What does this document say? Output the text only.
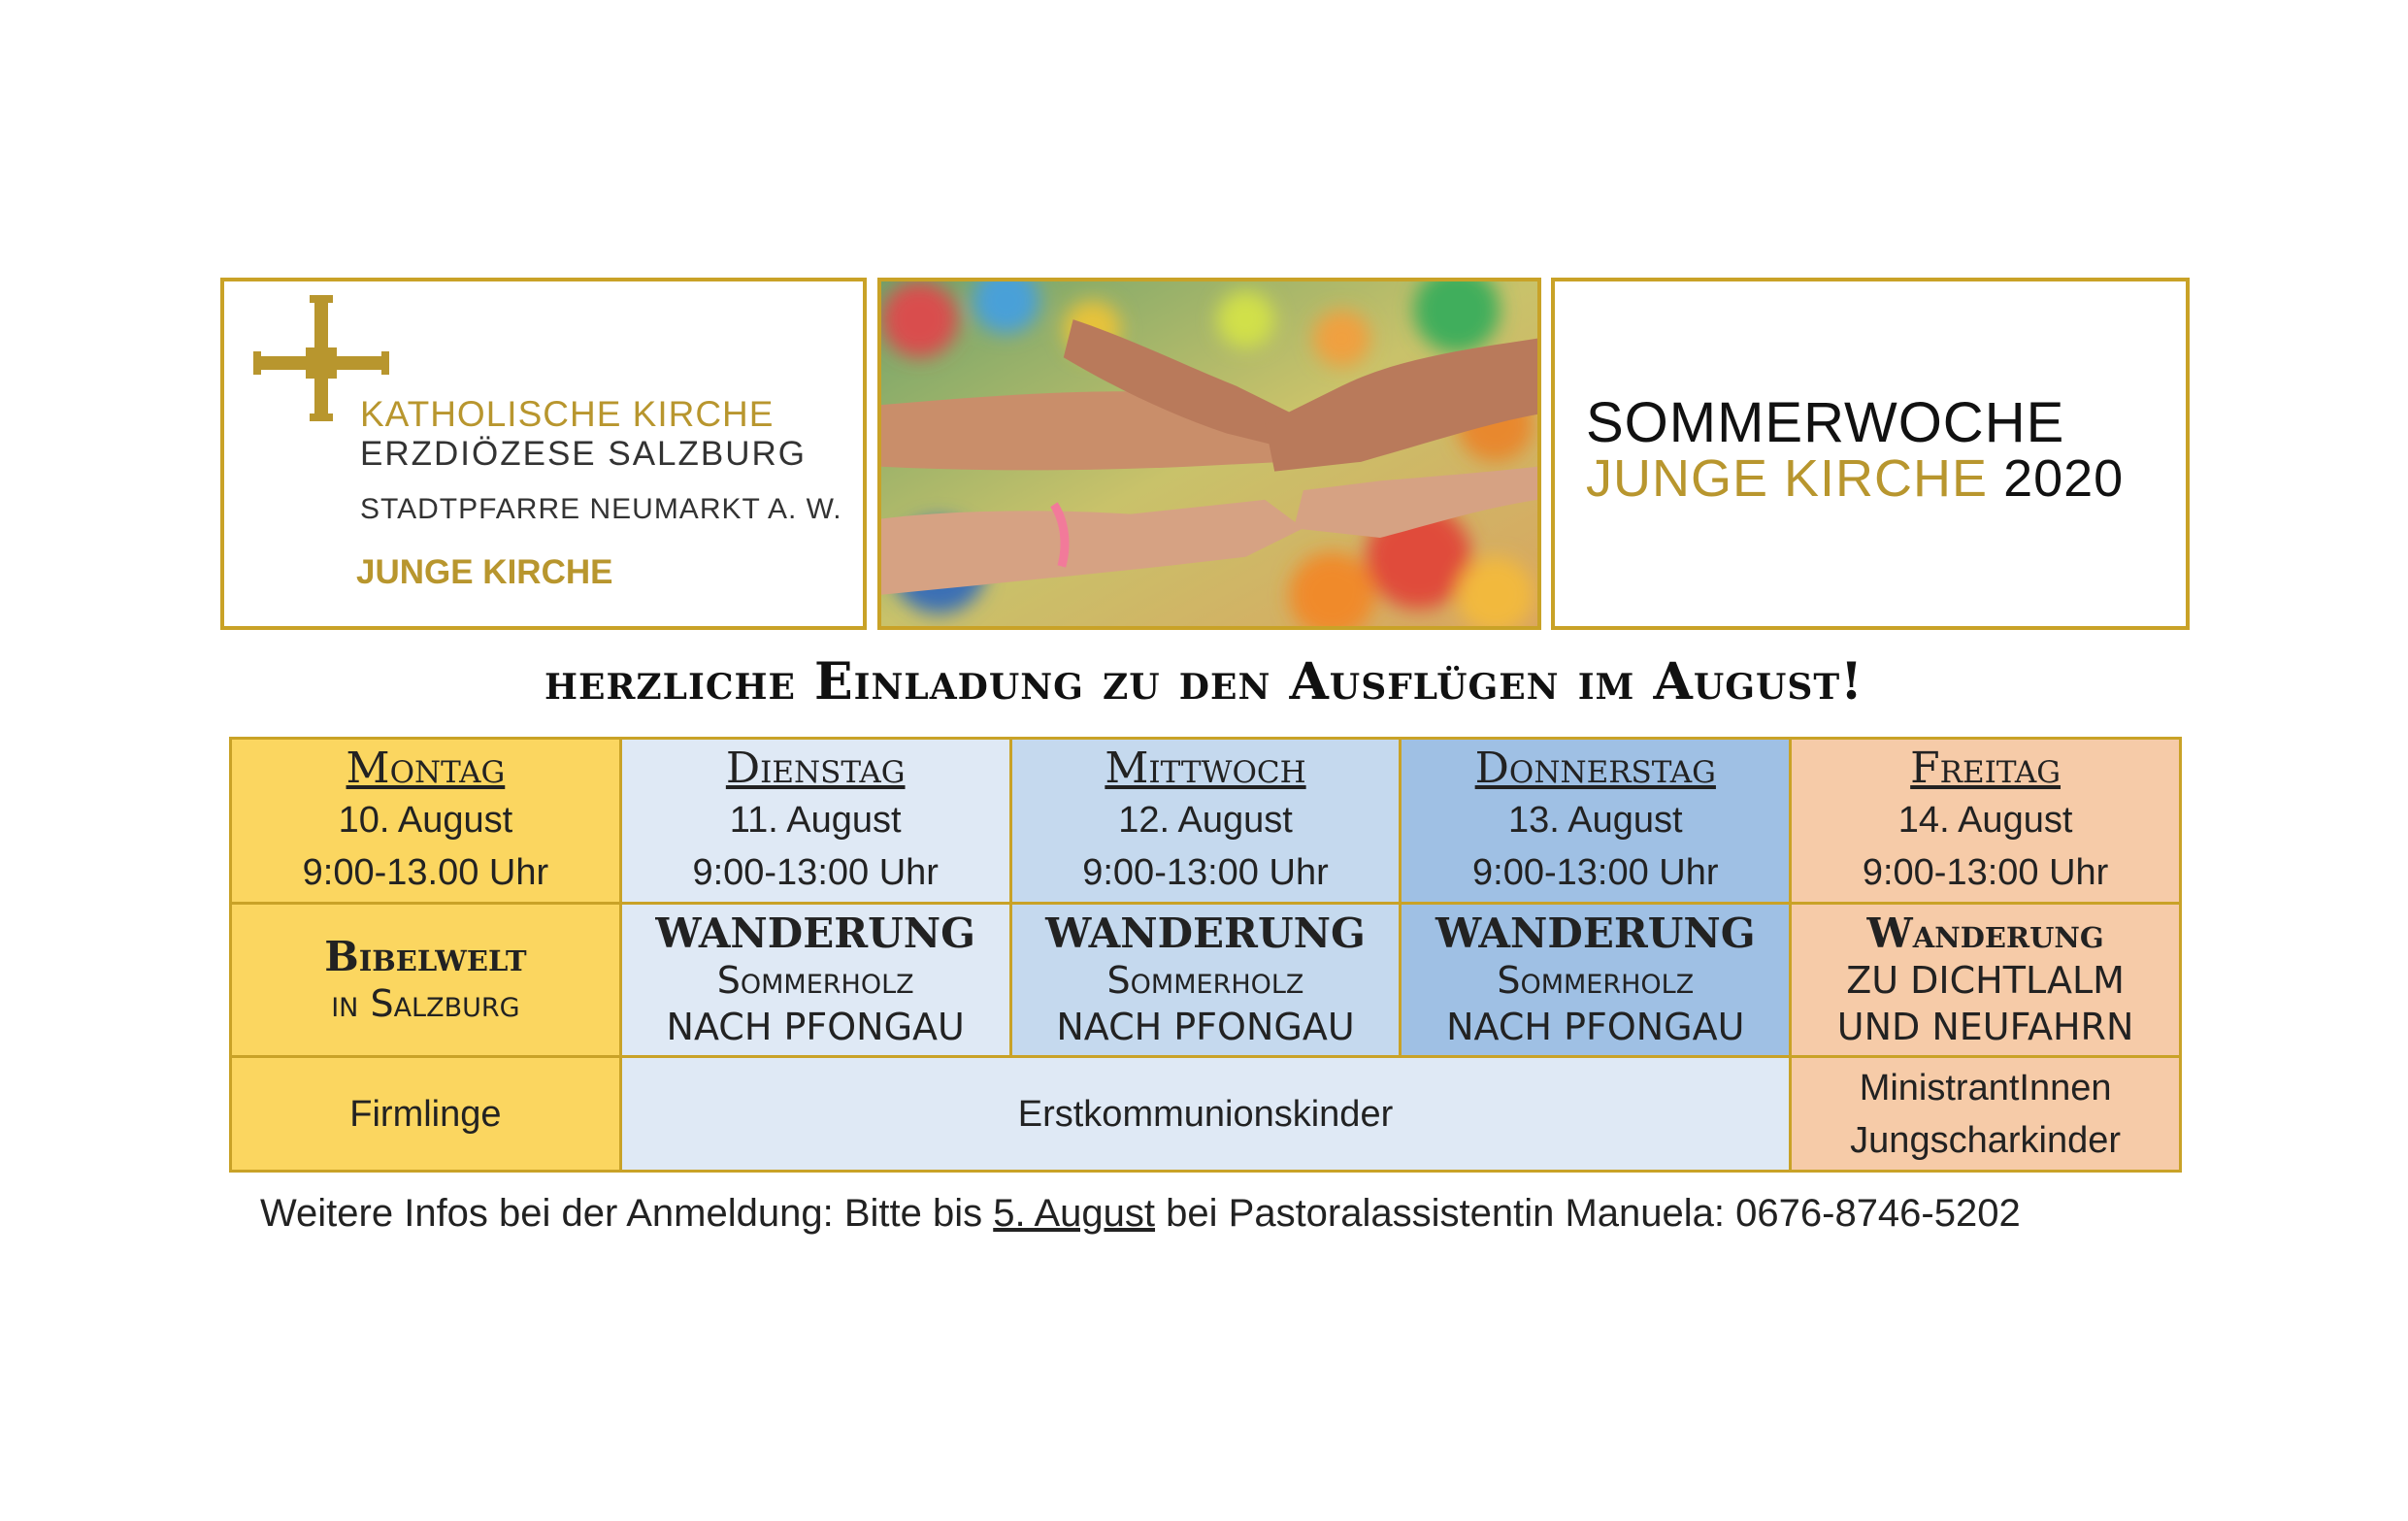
KATHOLISCHE KIRCHE
ERZDIÖZESE SALZBURG
STADTPFARRE NEUMARKT A. W.
JUNGE KIRCHE
SOMMERWOCHE
JUNGE KIRCHE 2020
herzliche Einladung zu den Ausflügen im August!
Montag
10. August
9:00-13.00 Uhr	Dienstag
11. August
9:00-13:00 Uhr	Mittwoch
12. August
9:00-13:00 Uhr	Donnerstag
13. August
9:00-13:00 Uhr	Freitag
14. August
9:00-13:00 Uhr

Bibelwelt
in Salzburg	WANDERUNG
Sommerholz
NACH PFONGAU	WANDERUNG
Sommerholz
NACH PFONGAU	WANDERUNG
Sommerholz
NACH PFONGAU	Wanderung
ZU DICHTLALM
UND NEUFAHRN

Firmlinge	Erstkommunionskinder			MinistrantInnen
Jungscharkinder
Weitere Infos bei der Anmeldung: Bitte bis 5. August bei Pastoralassistentin Manuela: 0676-8746-5202
